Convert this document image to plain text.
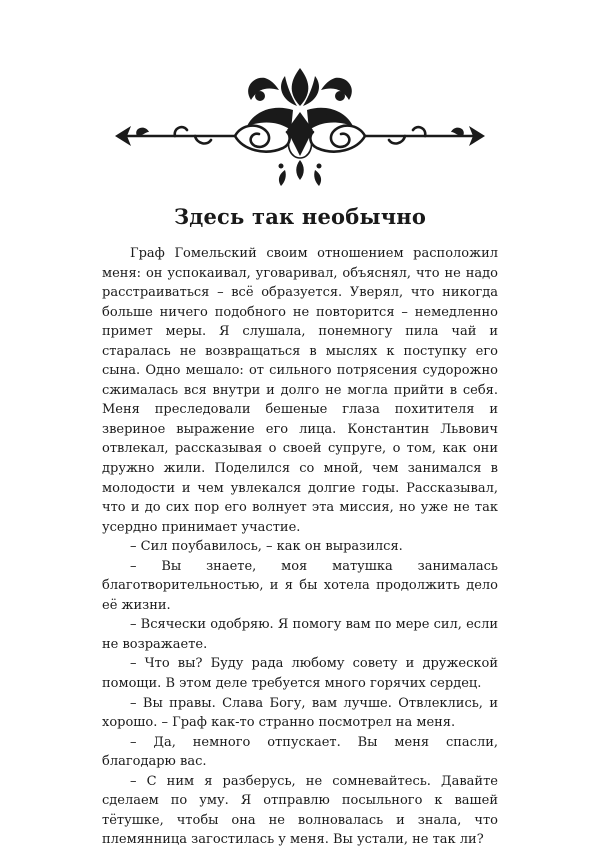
Здесь так необычно

Граф Гомельский своим отношением расположил меня: он успокаивал, уговаривал, объяснял, что не надо расстраиваться – всё образуется. Уверял, что никогда больше ничего подобного не повторится – немедленно примет меры. Я слушала, понемногу пила чай и старалась не возвращаться в мыслях к поступку его сына. Одно мешало: от сильного потрясения судорожно сжималась вся внутри и долго не могла прийти в себя. Меня преследовали бешеные глаза похитителя и звериное выражение его лица. Константин Львович отвлекал, рассказывая о своей супруге, о том, как они дружно жили. Поделился со мной, чем занимался в молодости и чем увлекался долгие годы. Рассказывал, что и до сих пор его волнует эта миссия, но уже не так усердно принимает участие.

– Сил поубавилось, – как он выразился.

– Вы знаете, моя матушка занималась благотворительностью, и я бы хотела продолжить дело её жизни.

– Всячески одобряю. Я помогу вам по мере сил, если не возражаете.

– Что вы? Буду рада любому совету и дружеской помощи. В этом деле требуется много горячих сердец.

– Вы правы. Слава Богу, вам лучше. Отвлеклись, и хорошо. – Граф как-то странно посмотрел на меня.

– Да, немного отпускает. Вы меня спасли, благодарю вас.

– С ним я разберусь, не сомневайтесь. Давайте сделаем по уму. Я отправлю посыльного к вашей тётушке, чтобы она не волновалась и знала, что племянница загостилась у меня. Вы устали, не так ли?
